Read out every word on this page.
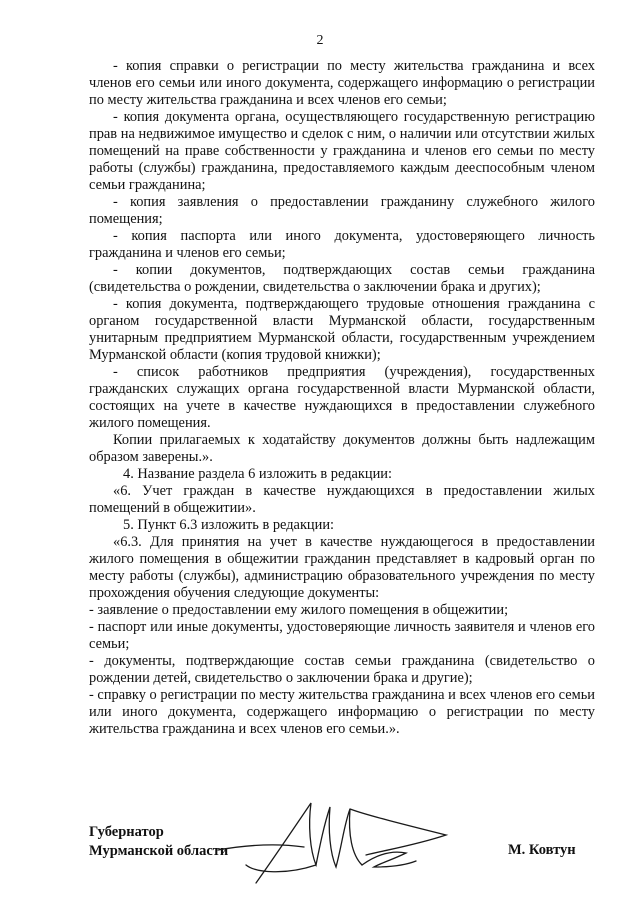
2

- копия справки о регистрации по месту жительства гражданина и всех членов его семьи или иного документа, содержащего информацию о регистрации по месту жительства гражданина и всех членов его семьи;

- копия документа органа, осуществляющего государственную регистрацию прав на недвижимое имущество и сделок с ним, о наличии или отсутствии жилых помещений на праве собственности у гражданина и членов его семьи по месту работы (службы) гражданина, предоставляемого каждым дееспособным членом семьи гражданина;

- копия заявления о предоставлении гражданину служебного жилого помещения;

- копия паспорта или иного документа, удостоверяющего личность гражданина и членов его семьи;

- копии документов, подтверждающих состав семьи гражданина (свидетельства о рождении, свидетельства о заключении брака и других);

- копия документа, подтверждающего трудовые отношения гражданина с органом государственной власти Мурманской области, государственным унитарным предприятием Мурманской области, государственным учреждением Мурманской области (копия трудовой книжки);

- список работников предприятия (учреждения), государственных гражданских служащих органа государственной власти Мурманской области, состоящих на учете в качестве нуждающихся в предоставлении служебного жилого помещения.

Копии прилагаемых к ходатайству документов должны быть надлежащим образом заверены.».

4. Название раздела 6 изложить в редакции:

«6. Учет граждан в качестве нуждающихся в предоставлении жилых помещений в общежитии».

5. Пункт 6.3 изложить в редакции:

«6.3. Для принятия на учет в качестве нуждающегося в предоставлении жилого помещения в общежитии гражданин представляет в кадровый орган по месту работы (службы), администрацию образовательного учреждения по месту прохождения обучения следующие документы:

- заявление о предоставлении ему жилого помещения в общежитии;

- паспорт или иные документы, удостоверяющие личность заявителя и членов его семьи;

- документы, подтверждающие состав семьи гражданина (свидетельство о рождении детей, свидетельство о заключении брака и другие);

- справку о регистрации по месту жительства гражданина и всех членов его семьи или иного документа, содержащего информацию о регистрации по месту жительства гражданина и всех членов его семьи.».

Губернатор
Мурманской области	М. Ковтун
